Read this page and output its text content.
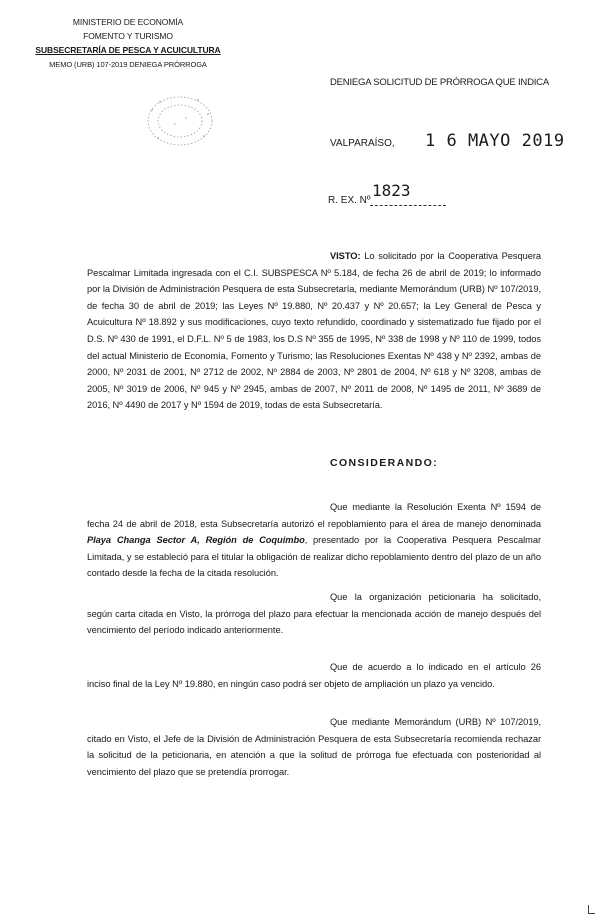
MINISTERIO DE ECONOMÍA
FOMENTO Y TURISMO
SUBSECRETARÍA DE PESCA Y ACUICULTURA
MEMO (URB) 107-2019 DENIEGA PRÓRROGA
DENIEGA SOLICITUD DE PRÓRROGA QUE INDICA
VALPARAÍSO, 1 6 MAYO 2019
R. EX. Nº
1823
VISTO: Lo solicitado por la Cooperativa Pesquera Pescalmar Limitada ingresada con el C.I. SUBSPESCA Nº 5.184, de fecha 26 de abril de 2019; lo informado por la División de Administración Pesquera de esta Subsecretaría, mediante Memorándum (URB) Nº 107/2019, de fecha 30 de abril de 2019; las Leyes Nº 19.880, Nº 20.437 y Nº 20.657; la Ley General de Pesca y Acuicultura Nº 18.892 y sus modificaciones, cuyo texto refundido, coordinado y sistematizado fue fijado por el D.S. Nº 430 de 1991, el D.F.L. Nº 5 de 1983, los D.S Nº 355 de 1995, Nº 338 de 1998 y Nº 110 de 1999, todos del actual Ministerio de Economía, Fomento y Turismo; las Resoluciones Exentas Nº 438 y Nº 2392, ambas de 2000, Nº 2031 de 2001, Nº 2712 de 2002, Nº 2884 de 2003, Nº 2801 de 2004, Nº 618 y Nº 3208, ambas de 2005, Nº 3019 de 2006, Nº 945 y Nº 2945, ambas de 2007, Nº 2011 de 2008, Nº 1495 de 2011, Nº 3689 de 2016, Nº 4490 de 2017 y Nº 1594 de 2019, todas de esta Subsecretaría.
CONSIDERANDO:
Que mediante la Resolución Exenta Nº 1594 de fecha 24 de abril de 2018, esta Subsecretaría autorizó el repoblamiento para el área de manejo denominada Playa Changa Sector A, Región de Coquimbo, presentado por la Cooperativa Pesquera Pescalmar Limitada, y se estableció para el titular la obligación de realizar dicho repoblamiento dentro del plazo de un año contado desde la fecha de la citada resolución.
Que la organización peticionaria ha solicitado, según carta citada en Visto, la prórroga del plazo para efectuar la mencionada acción de manejo después del vencimiento del período indicado anteriormente.
Que de acuerdo a lo indicado en el artículo 26 inciso final de la Ley Nº 19.880, en ningún caso podrá ser objeto de ampliación un plazo ya vencido.
Que mediante Memorándum (URB) Nº 107/2019, citado en Visto, el Jefe de la División de Administración Pesquera de esta Subsecretaría recomienda rechazar la solicitud de la peticionaria, en atención a que la solitud de prórroga fue efectuada con posterioridad al vencimiento del plazo que se pretendía prorrogar.
